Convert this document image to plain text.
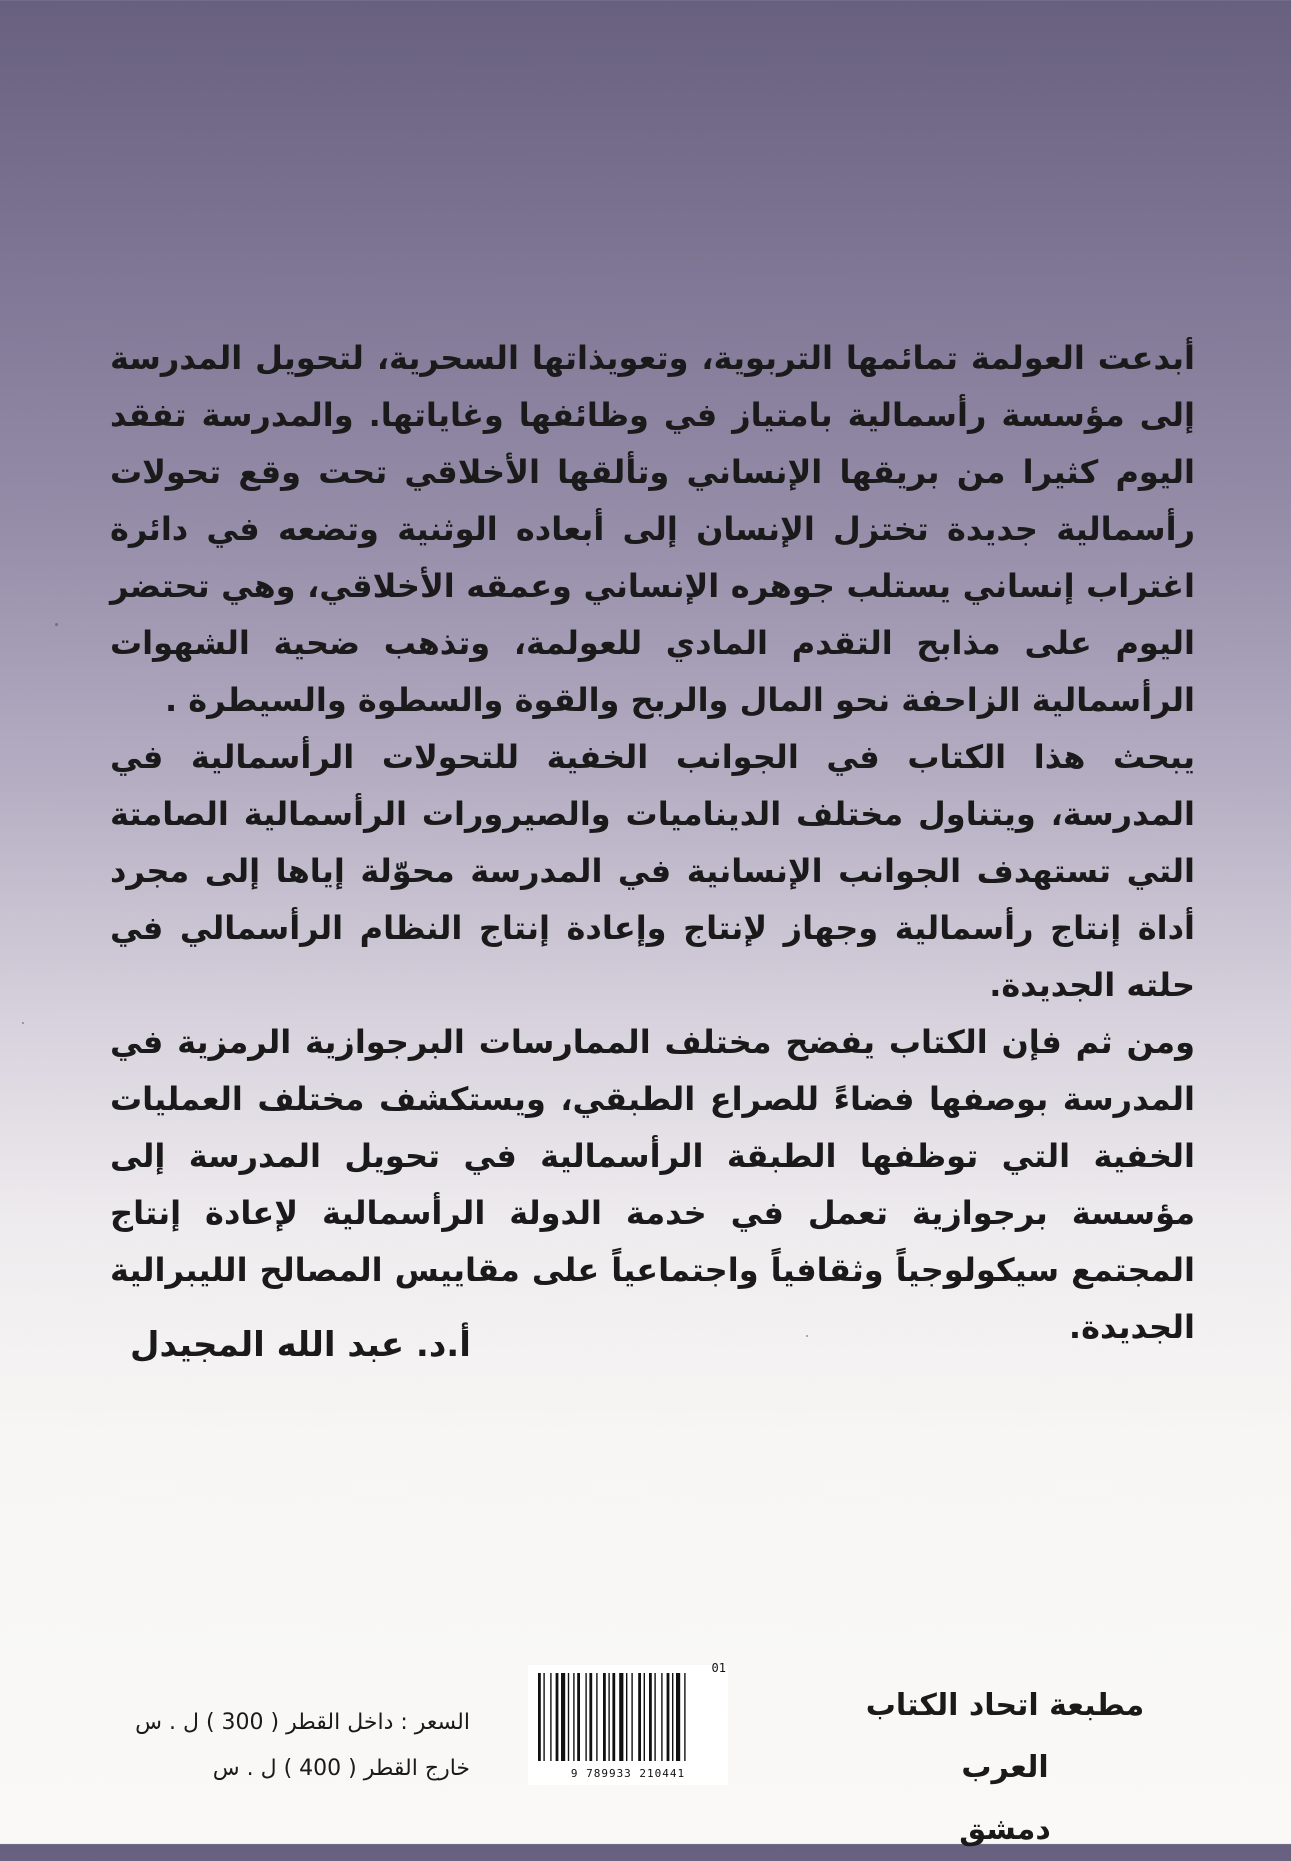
أبدعت العولمة تمائمها التربوية، وتعويذاتها السحرية، لتحويل المدرسة إلى مؤسسة رأسمالية بامتياز في وظائفها وغاياتها. والمدرسة تفقد اليوم كثيرا من بريقها الإنساني وتألقها الأخلاقي تحت وقع تحولات رأسمالية جديدة تختزل الإنسان إلى أبعاده الوثنية وتضعه في دائرة اغتراب إنساني يستلب جوهره الإنساني وعمقه الأخلاقي، وهي تحتضر اليوم على مذابح التقدم المادي للعولمة، وتذهب ضحية الشهوات الرأسمالية الزاحفة نحو المال والربح والقوة والسطوة والسيطرة .

يبحث هذا الكتاب في الجوانب الخفية للتحولات الرأسمالية في المدرسة، ويتناول مختلف الديناميات والصيرورات الرأسمالية الصامتة التي تستهدف الجوانب الإنسانية في المدرسة محوّلة إياها إلى مجرد أداة إنتاج رأسمالية وجهاز لإنتاج وإعادة إنتاج النظام الرأسمالي في حلته الجديدة.

ومن ثم فإن الكتاب يفضح مختلف الممارسات البرجوازية الرمزية في المدرسة بوصفها فضاءً للصراع الطبقي، ويستكشف مختلف العمليات الخفية التي توظفها الطبقة الرأسمالية في تحويل المدرسة إلى مؤسسة برجوازية تعمل في خدمة الدولة الرأسمالية لإعادة إنتاج المجتمع سيكولوجياً وثقافياً واجتماعياً على مقاييس المصالح الليبرالية الجديدة.

أ.د. عبد الله المجيدل
مطبعة اتحاد الكتاب العرب
دمشق
9 789933 210441
01
السعر : داخل القطر ( 300 ) ل . س
خارج القطر ( 400 ) ل . س
